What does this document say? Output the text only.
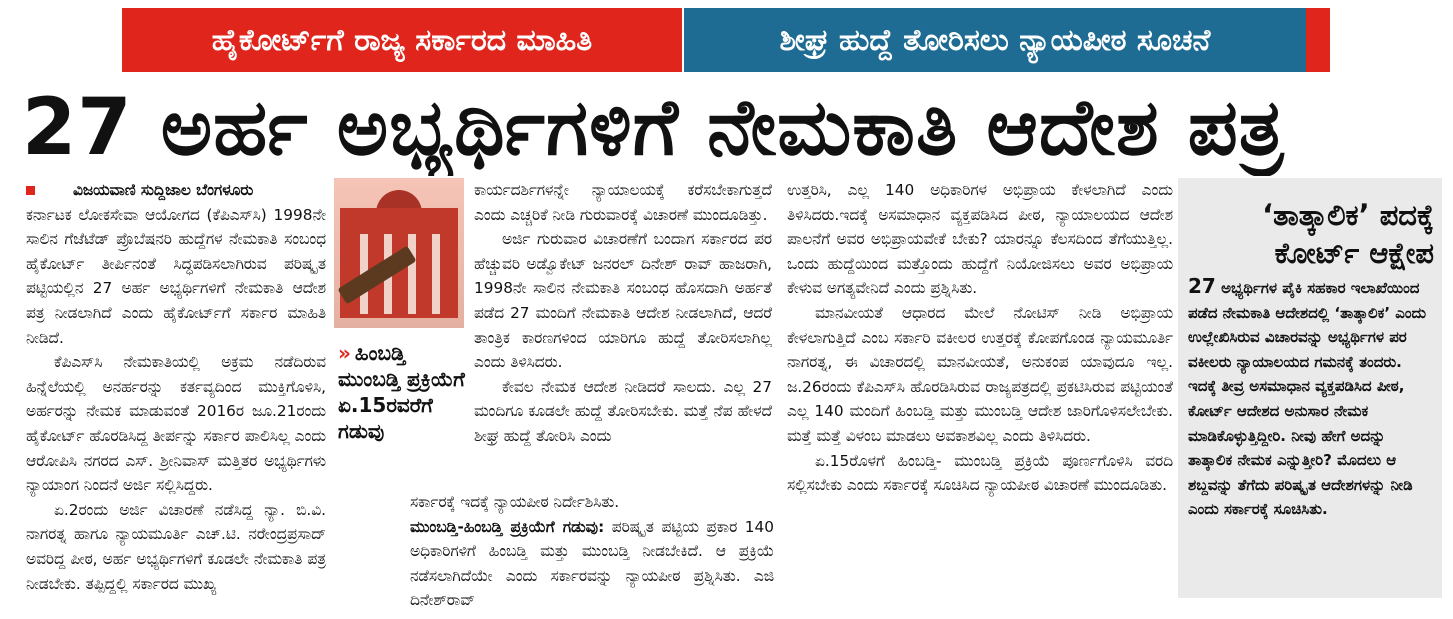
ಹೈಕೋರ್ಟ್‌ಗೆ ರಾಜ್ಯ ಸರ್ಕಾರದ ಮಾಹಿತಿ	ಶೀಘ್ರ ಹುದ್ದೆ ತೋರಿಸಲು ನ್ಯಾಯಪೀಠ ಸೂಚನೆ
27 ಅರ್ಹ ಅಭ್ಯರ್ಥಿಗಳಿಗೆ ನೇಮಕಾತಿ ಆದೇಶ ಪತ್ರ

ವಿಜಯವಾಣಿ ಸುದ್ದಿಜಾಲ ಬೆಂಗಳೂರು

ಕರ್ನಾಟಕ ಲೋಕಸೇವಾ ಆಯೋಗದ (ಕೆಪಿಎಸ್‌ಸಿ) 1998ನೇ ಸಾಲಿನ ಗೆಜೆಟೆಡ್ ಪ್ರೊಬೆಷನರಿ ಹುದ್ದೆಗಳ ನೇಮಕಾತಿ ಸಂಬಂಧ ಹೈಕೋರ್ಟ್ ತೀರ್ಪಿನಂತೆ ಸಿದ್ಧಪಡಿಸಲಾಗಿರುವ ಪರಿಷ್ಕೃತ ಪಟ್ಟಿಯಲ್ಲಿನ 27 ಅರ್ಹ ಅಭ್ಯರ್ಥಿಗಳಿಗೆ ನೇಮಕಾತಿ ಆದೇಶ ಪತ್ರ ನೀಡಲಾಗಿದೆ ಎಂದು ಹೈಕೋರ್ಟ್‌ಗೆ ಸರ್ಕಾರ ಮಾಹಿತಿ ನೀಡಿದೆ.

ಕೆಪಿಎಸ್‌ಸಿ ನೇಮಕಾತಿಯಲ್ಲಿ ಅಕ್ರಮ ನಡೆದಿರುವ ಹಿನ್ನೆಲೆಯಲ್ಲಿ ಅನರ್ಹರನ್ನು ಕರ್ತವ್ಯದಿಂದ ಮುಕ್ತಿಗೊಳಿಸಿ, ಅರ್ಹರನ್ನು ನೇಮಕ ಮಾಡುವಂತೆ 2016ರ ಜೂ.21ರಂದು ಹೈಕೋರ್ಟ್ ಹೊರಡಿಸಿದ್ದ ತೀರ್ಪನ್ನು ಸರ್ಕಾರ ಪಾಲಿಸಿಲ್ಲ ಎಂದು ಆರೋಪಿಸಿ ನಗರದ ಎಸ್. ಶ್ರೀನಿವಾಸ್ ಮತ್ತಿತರ ಅಭ್ಯರ್ಥಿಗಳು ನ್ಯಾಯಾಂಗ ನಿಂದನೆ ಅರ್ಜಿ ಸಲ್ಲಿಸಿದ್ದರು.

ಏ.2ರಂದು ಅರ್ಜಿ ವಿಚಾರಣೆ ನಡೆಸಿದ್ದ ನ್ಯಾ. ಬಿ.ವಿ. ನಾಗರತ್ನ ಹಾಗೂ ನ್ಯಾಯಮೂರ್ತಿ ಎಚ್.ಟಿ. ನರೇಂದ್ರಪ್ರಸಾದ್ ಅವರಿದ್ದ ಪೀಠ, ಅರ್ಹ ಅಭ್ಯರ್ಥಿಗಳಿಗೆ ಕೂಡಲೇ ನೇಮಕಾತಿ ಪತ್ರ ನೀಡಬೇಕು. ತಪ್ಪಿದ್ದಲ್ಲಿ ಸರ್ಕಾರದ ಮುಖ್ಯ

» ಹಿಂಬಡ್ತಿ ಮುಂಬಡ್ತಿ ಪ್ರಕ್ರಿಯೆಗೆ ಏ.15ರವರೆಗೆ ಗಡುವು

ಕಾರ್ಯದರ್ಶಿಗಳನ್ನೇ ನ್ಯಾಯಾಲಯಕ್ಕೆ ಕರೆಸಬೇಕಾಗುತ್ತದೆ ಎಂದು ಎಚ್ಚರಿಕೆ ನೀಡಿ ಗುರುವಾರಕ್ಕೆ ವಿಚಾರಣೆ ಮುಂದೂಡಿತ್ತು.

ಅರ್ಜಿ ಗುರುವಾರ ವಿಚಾರಣೆಗೆ ಬಂದಾಗ ಸರ್ಕಾರದ ಪರ ಹೆಚ್ಚುವರಿ ಅಡ್ವೊಕೇಟ್ ಜನರಲ್ ದಿನೇಶ್ ರಾವ್ ಹಾಜರಾಗಿ, 1998ನೇ ಸಾಲಿನ ನೇಮಕಾತಿ ಸಂಬಂಧ ಹೊಸದಾಗಿ ಅರ್ಹತೆ ಪಡೆದ 27 ಮಂದಿಗೆ ನೇಮಕಾತಿ ಆದೇಶ ನೀಡಲಾಗಿದೆ, ಆದರೆ ತಾಂತ್ರಿಕ ಕಾರಣಗಳಿಂದ ಯಾರಿಗೂ ಹುದ್ದೆ ತೋರಿಸಲಾಗಿಲ್ಲ ಎಂದು ತಿಳಿಸಿದರು.

ಕೇವಲ ನೇಮಕ ಆದೇಶ ನೀಡಿದರೆ ಸಾಲದು. ಎಲ್ಲ 27 ಮಂದಿಗೂ ಕೂಡಲೇ ಹುದ್ದೆ ತೋರಿಸಬೇಕು. ಮತ್ತೆ ನೆಪ ಹೇಳದೆ ಶೀಘ್ರ ಹುದ್ದೆ ತೋರಿಸಿ ಎಂದು

ಸರ್ಕಾರಕ್ಕೆ ಇದಕ್ಕೆ ನ್ಯಾಯಪೀಠ ನಿರ್ದೇಶಿಸಿತು.

ಮುಂಬಡ್ತಿ-ಹಿಂಬಡ್ತಿ ಪ್ರಕ್ರಿಯೆಗೆ ಗಡುವು: ಪರಿಷ್ಕೃತ ಪಟ್ಟಿಯ ಪ್ರಕಾರ 140 ಅಧಿಕಾರಿಗಳಿಗೆ ಹಿಂಬಡ್ತಿ ಮತ್ತು ಮುಂಬಡ್ತಿ ನೀಡಬೇಕಿದೆ. ಆ ಪ್ರಕ್ರಿಯೆ ನಡೆಸಲಾಗಿದೆಯೇ ಎಂದು ಸರ್ಕಾರವನ್ನು ನ್ಯಾಯಪೀಠ ಪ್ರಶ್ನಿಸಿತು. ಎಜಿ ದಿನೇಶ್‌ರಾವ್

ಉತ್ತರಿಸಿ, ಎಲ್ಲ 140 ಅಧಿಕಾರಿಗಳ ಅಭಿಪ್ರಾಯ ಕೇಳಲಾಗಿದೆ ಎಂದು ತಿಳಿಸಿದರು.ಇದಕ್ಕೆ ಅಸಮಾಧಾನ ವ್ಯಕ್ತಪಡಿಸಿದ ಪೀಠ, ನ್ಯಾಯಾಲಯದ ಆದೇಶ ಪಾಲನೆಗೆ ಅವರ ಅಭಿಪ್ರಾಯವೇಕೆ ಬೇಕು? ಯಾರನ್ನೂ ಕೆಲಸದಿಂದ ತೆಗೆಯುತ್ತಿಲ್ಲ. ಒಂದು ಹುದ್ದೆಯಿಂದ ಮತ್ತೊಂದು ಹುದ್ದೆಗೆ ನಿಯೋಜಿಸಲು ಅವರ ಅಭಿಪ್ರಾಯ ಕೇಳುವ ಅಗತ್ಯವೇನಿದೆ ಎಂದು ಪ್ರಶ್ನಿಸಿತು.

ಮಾನವೀಯತೆ ಆಧಾರದ ಮೇಲೆ ನೋಟಿಸ್ ನೀಡಿ ಅಭಿಪ್ರಾಯ ಕೇಳಲಾಗುತ್ತಿದೆ ಎಂಬ ಸರ್ಕಾರಿ ವಕೀಲರ ಉತ್ತರಕ್ಕೆ ಕೋಪಗೊಂಡ ನ್ಯಾಯಮೂರ್ತಿ ನಾಗರತ್ನ, ಈ ವಿಚಾರದಲ್ಲಿ ಮಾನವೀಯತೆ, ಅನುಕಂಪ ಯಾವುದೂ ಇಲ್ಲ. ಜ.26ರಂದು ಕೆಪಿಎಸ್‌ಸಿ ಹೊರಡಿಸಿರುವ ರಾಜ್ಯಪತ್ರದಲ್ಲಿ ಪ್ರಕಟಿಸಿರುವ ಪಟ್ಟಿಯಂತೆ ಎಲ್ಲ 140 ಮಂದಿಗೆ ಹಿಂಬಡ್ತಿ ಮತ್ತು ಮುಂಬಡ್ತಿ ಆದೇಶ ಜಾರಿಗೊಳಿಸಲೇಬೇಕು. ಮತ್ತೆ ಮತ್ತೆ ವಿಳಂಬ ಮಾಡಲು ಅವಕಾಶವಿಲ್ಲ ಎಂದು ತಿಳಿಸಿದರು.

ಏ.15ರೊಳಗೆ ಹಿಂಬಡ್ತಿ- ಮುಂಬಡ್ತಿ ಪ್ರಕ್ರಿಯೆ ಪೂರ್ಣಗೊಳಿಸಿ ವರದಿ ಸಲ್ಲಿಸಬೇಕು ಎಂದು ಸರ್ಕಾರಕ್ಕೆ ಸೂಚಿಸಿದ ನ್ಯಾಯಪೀಠ ವಿಚಾರಣೆ ಮುಂದೂಡಿತು.

‘ತಾತ್ಕಾಲಿಕ’ ಪದಕ್ಕೆ ಕೋರ್ಟ್ ಆಕ್ಷೇಪ
27 ಅಭ್ಯರ್ಥಿಗಳ ಪೈಕಿ ಸಹಕಾರ ಇಲಾಖೆಯಿಂದ ಪಡೆದ ನೇಮಕಾತಿ ಆದೇಶದಲ್ಲಿ ‘ತಾತ್ಕಾಲಿಕ’ ಎಂದು ಉಲ್ಲೇಖಿಸಿರುವ ವಿಚಾರವನ್ನು ಅಭ್ಯರ್ಥಿಗಳ ಪರ ವಕೀಲರು ನ್ಯಾಯಾಲಯದ ಗಮನಕ್ಕೆ ತಂದರು. ಇದಕ್ಕೆ ತೀವ್ರ ಅಸಮಾಧಾನ ವ್ಯಕ್ತಪಡಿಸಿದ ಪೀಠ, ಕೋರ್ಟ್ ಆದೇಶದ ಅನುಸಾರ ನೇಮಕ ಮಾಡಿಕೊಳ್ಳುತ್ತಿದ್ದೀರಿ. ನೀವು ಹೇಗೆ ಅದನ್ನು ತಾತ್ಕಾಲಿಕ ನೇಮಕ ಎನ್ನುತ್ತೀರಿ? ಮೊದಲು ಆ ಶಬ್ದವನ್ನು ತೆಗೆದು ಪರಿಷ್ಕೃತ ಆದೇಶಗಳನ್ನು ನೀಡಿ ಎಂದು ಸರ್ಕಾರಕ್ಕೆ ಸೂಚಿಸಿತು.
